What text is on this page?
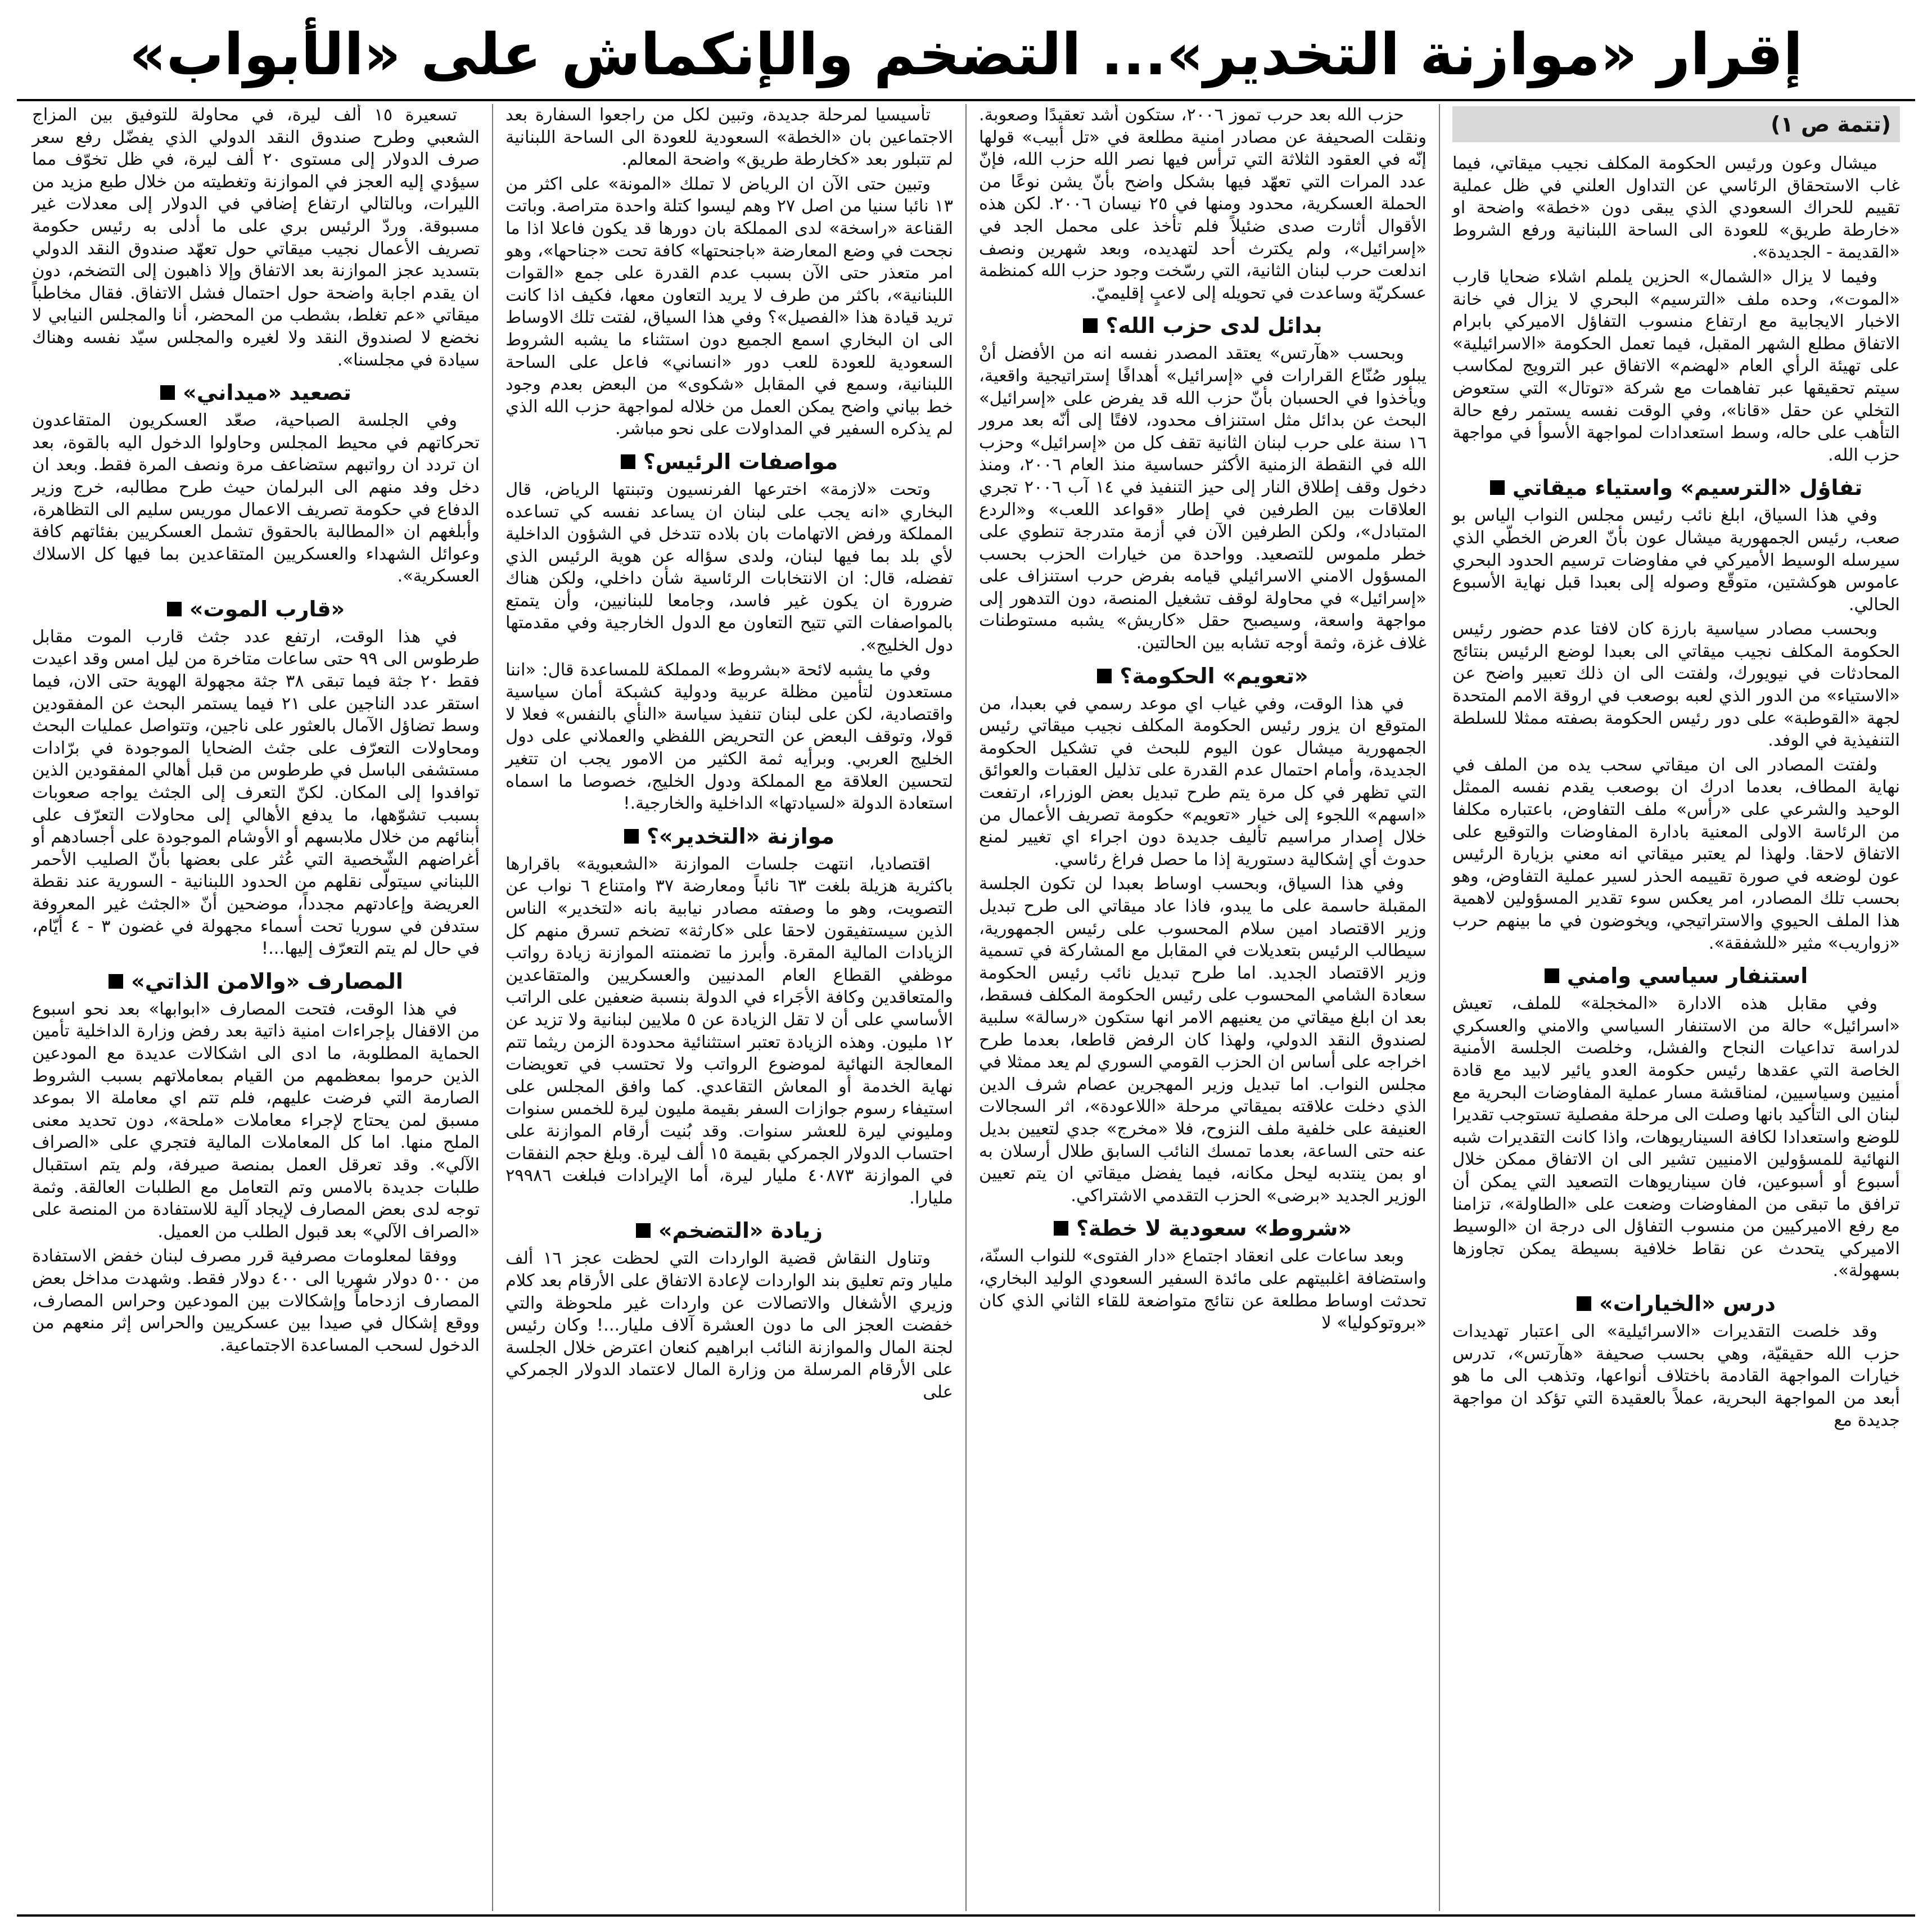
إقرار «موازنة التخدير»... التضخم والإنكماش على «الأبواب»
(تتمة ص ١)

ميشال وعون ورئيس الحكومة المكلف نجيب ميقاتي، فيما غاب الاستحقاق الرئاسي عن التداول العلني في ظل عملية تقييم للحراك السعودي الذي يبقى دون «خطة» واضحة او «خارطة طريق» للعودة الى الساحة اللبنانية ورفع الشروط «القديمة - الجديدة».

وفيما لا يزال «الشمال» الحزين يلملم اشلاء ضحايا قارب «الموت»، وحده ملف «الترسيم» البحري لا يزال في خانة الاخبار الايجابية مع ارتفاع منسوب التفاؤل الاميركي بابرام الاتفاق مطلع الشهر المقبل، فيما تعمل الحكومة «الاسرائيلية» على تهيئة الرأي العام «لهضم» الاتفاق عبر الترويج لمكاسب سيتم تحقيقها عبر تفاهمات مع شركة «توتال» التي ستعوض التخلي عن حقل «قانا»، وفي الوقت نفسه يستمر رفع حالة التأهب على حاله، وسط استعدادات لمواجهة الأسوأ في مواجهة حزب الله.

تفاؤل «الترسيم» واستياء ميقاتي

وفي هذا السياق، ابلغ نائب رئيس مجلس النواب الياس بو صعب، رئيس الجمهورية ميشال عون بأنّ العرض الخطّي الذي سيرسله الوسيط الأميركي في مفاوضات ترسيم الحدود البحري عاموس هوكشتين، متوقّع وصوله إلى بعبدا قبل نهاية الأسبوع الحالي.

وبحسب مصادر سياسية بارزة كان لافتا عدم حضور رئيس الحكومة المكلف نجيب ميقاتي الى بعبدا لوضع الرئيس بنتائج المحادثات في نيويورك، ولفتت الى ان ذلك تعبير واضح عن «الاستياء» من الدور الذي لعبه بوصعب في اروقة الامم المتحدة لجهة «القوطبة» على دور رئيس الحكومة بصفته ممثلا للسلطة التنفيذية في الوفد.

ولفتت المصادر الى ان ميقاتي سحب يده من الملف في نهاية المطاف، بعدما ادرك ان بوصعب يقدم نفسه الممثل الوحيد والشرعي على «رأس» ملف التفاوض، باعتباره مكلفا من الرئاسة الاولى المعنية بادارة المفاوضات والتوقيع على الاتفاق لاحقا. ولهذا لم يعتبر ميقاتي انه معني بزيارة الرئيس عون لوضعه في صورة تقييمه الحذر لسير عملية التفاوض، وهو بحسب تلك المصادر، امر يعكس سوء تقدير المسؤولين لاهمية هذا الملف الحيوي والاستراتيجي، ويخوضون في ما بينهم حرب «زواريب» مثير «للشفقة».

استنفار سياسي وامني

وفي مقابل هذه الادارة «المخجلة» للملف، تعيش «اسرائيل» حالة من الاستنفار السياسي والامني والعسكري لدراسة تداعيات النجاح والفشل، وخلصت الجلسة الأمنية الخاصة التي عقدها رئيس حكومة العدو يائير لابيد مع قادة أمنيين وسياسيين، لمناقشة مسار عملية المفاوضات البحرية مع لبنان الى التأكيد بانها وصلت الى مرحلة مفصلية تستوجب تقديرا للوضع واستعدادا لكافة السيناريوهات، واذا كانت التقديرات شبه النهائية للمسؤولين الامنيين تشير الى ان الاتفاق ممكن خلال أسبوع أو أسبوعين، فان سيناريوهات التصعيد التي يمكن أن ترافق ما تبقى من المفاوضات وضعت على «الطاولة»، تزامنا مع رفع الاميركيين من منسوب التفاؤل الى درجة ان «الوسيط الاميركي يتحدث عن نقاط خلافية بسيطة يمكن تجاوزها بسهولة».

درس «الخيارات»

وقد خلصت التقديرات «الاسرائيلية» الى اعتبار تهديدات حزب الله حقيقيّة، وهي بحسب صحيفة «هآرتس»، تدرس خيارات المواجهة القادمة باختلاف أنواعها، وتذهب الى ما هو أبعد من المواجهة البحرية، عملاً بالعقيدة التي تؤكد ان مواجهة جديدة مع

حزب الله بعد حرب تموز ٢٠٠٦، ستكون أشد تعقيدًا وصعوبة. ونقلت الصحيفة عن مصادر امنية مطلعة في «تل أبيب» قولها إنّه في العقود الثلاثة التي ترأس فيها نصر الله حزب الله، فإنّ عدد المرات التي تعهّد فيها بشكل واضح بأنّ يشن نوعًا من الحملة العسكرية، محدود ومنها في ٢٥ نيسان ٢٠٠٦. لكن هذه الأقوال أثارت صدى ضئيلاً فلم تأخذ على محمل الجد في «إسرائيل»، ولم يكترث أحد لتهديده، وبعد شهرين ونصف اندلعت حرب لبنان الثانية، التي رسّخت وجود حزب الله كمنظمة عسكريّة وساعدت في تحويله إلى لاعبٍ إقليميّ.

بدائل لدى حزب الله؟

وبحسب «هآرتس» يعتقد المصدر نفسه انه من الأفضل أنْ يبلور صُنّاع القرارات في «إسرائيل» أهدافًا إستراتيجية واقعية، ويأخذوا في الحسبان بأنّ حزب الله قد يفرض على «إسرائيل» البحث عن بدائل مثل استنزاف محدود، لافتًا إلى أنّه بعد مرور ١٦ سنة على حرب لبنان الثانية تقف كل من «إسرائيل» وحزب الله في النقطة الزمنية الأكثر حساسية منذ العام ٢٠٠٦، ومنذ دخول وقف إطلاق النار إلى حيز التنفيذ في ١٤ آب ٢٠٠٦ تجري العلاقات بين الطرفين في إطار «قواعد اللعب» و«الردع المتبادل»، ولكن الطرفين الآن في أزمة متدرجة تنطوي على خطر ملموس للتصعيد. وواحدة من خيارات الحزب بحسب المسؤول الامني الاسرائيلي قيامه بفرض حرب استنزاف على «إسرائيل» في محاولة لوقف تشغيل المنصة، دون التدهور إلى مواجهة واسعة، وسيصبح حقل «كاريش» يشبه مستوطنات غلاف غزة، وثمة أوجه تشابه بين الحالتين.

«تعويم» الحكومة؟

في هذا الوقت، وفي غياب اي موعد رسمي في بعبدا، من المتوقع ان يزور رئيس الحكومة المكلف نجيب ميقاتي رئيس الجمهورية ميشال عون اليوم للبحث في تشكيل الحكومة الجديدة، وأمام احتمال عدم القدرة على تذليل العقبات والعوائق التي تظهر في كل مرة يتم طرح تبديل بعض الوزراء، ارتفعت «اسهم» اللجوء إلى خيار «تعويم» حكومة تصريف الأعمال من خلال إصدار مراسيم تأليف جديدة دون اجراء اي تغيير لمنع حدوث أي إشكالية دستورية إذا ما حصل فراغ رئاسي.

وفي هذا السياق، وبحسب اوساط بعبدا لن تكون الجلسة المقبلة حاسمة على ما يبدو، فاذا عاد ميقاتي الى طرح تبديل وزير الاقتصاد امين سلام المحسوب على رئيس الجمهورية، سيطالب الرئيس بتعديلات في المقابل مع المشاركة في تسمية وزير الاقتصاد الجديد. اما طرح تبديل نائب رئيس الحكومة سعادة الشامي المحسوب على رئيس الحكومة المكلف فسقط، بعد ان ابلغ ميقاتي من يعنيهم الامر انها ستكون «رسالة» سلبية لصندوق النقد الدولي، ولهذا كان الرفض قاطعا، بعدما طرح اخراجه على أساس ان الحزب القومي السوري لم يعد ممثلا في مجلس النواب. اما تبديل وزير المهجرين عصام شرف الدين الذي دخلت علاقته بميقاتي مرحلة «اللاعودة»، اثر السجالات العنيفة على خلفية ملف النزوح، فلا «مخرج» جدي لتعيين بديل عنه حتى الساعة، بعدما تمسك النائب السابق طلال أرسلان به او بمن ينتدبه ليحل مكانه، فيما يفضل ميقاتي ان يتم تعيين الوزير الجديد «برضى» الحزب التقدمي الاشتراكي.

«شروط» سعودية لا خطة؟

وبعد ساعات على انعقاد اجتماع «دار الفتوى» للنواب السنّة، واستضافة اغلبيتهم على مائدة السفير السعودي الوليد البخاري، تحدثت اوساط مطلعة عن نتائج متواضعة للقاء الثاني الذي كان «بروتوكوليا» لا

تأسيسيا لمرحلة جديدة، وتبين لكل من راجعوا السفارة بعد الاجتماعين بان «الخطة» السعودية للعودة الى الساحة اللبنانية لم تتبلور بعد «كخارطة طريق» واضحة المعالم.

وتبين حتى الآن ان الرياض لا تملك «المونة» على اكثر من ١٣ نائبا سنيا من اصل ٢٧ وهم ليسوا كتلة واحدة متراصة. وباتت القناعة «راسخة» لدى المملكة بان دورها قد يكون فاعلا اذا ما نجحت في وضع المعارضة «باجنحتها» كافة تحت «جناحها»، وهو امر متعذر حتى الآن بسبب عدم القدرة على جمع «القوات اللبنانية»، باكثر من طرف لا يريد التعاون معها، فكيف اذا كانت تريد قيادة هذا «الفصيل»؟ وفي هذا السياق، لفتت تلك الاوساط الى ان البخاري اسمع الجميع دون استثناء ما يشبه الشروط السعودية للعودة للعب دور «انساني» فاعل على الساحة اللبنانية، وسمع في المقابل «شكوى» من البعض بعدم وجود خط بياني واضح يمكن العمل من خلاله لمواجهة حزب الله الذي لم يذكره السفير في المداولات على نحو مباشر.

مواصفات الرئيس؟

وتحت «لازمة» اخترعها الفرنسيون وتبنتها الرياض، قال البخاري «انه يجب على لبنان ان يساعد نفسه كي تساعده المملكة ورفض الاتهامات بان بلاده تتدخل في الشؤون الداخلية لأي بلد بما فيها لبنان، ولدى سؤاله عن هوية الرئيس الذي تفضله، قال: ان الانتخابات الرئاسية شأن داخلي، ولكن هناك ضرورة ان يكون غير فاسد، وجامعا للبنانيين، وأن يتمتع بالمواصفات التي تتيح التعاون مع الدول الخارجية وفي مقدمتها دول الخليج».

وفي ما يشبه لائحة «بشروط» المملكة للمساعدة قال: «اننا مستعدون لتأمين مظلة عربية ودولية كشبكة أمان سياسية واقتصادية، لكن على لبنان تنفيذ سياسة «النأي بالنفس» فعلا لا قولا، وتوقف البعض عن التحريض اللفظي والعملاني على دول الخليج العربي. وبرأيه ثمة الكثير من الامور يجب ان تتغير لتحسين العلاقة مع المملكة ودول الخليج، خصوصا ما اسماه استعادة الدولة «لسيادتها» الداخلية والخارجية.!

موازنة «التخدير»؟

اقتصاديا، انتهت جلسات الموازنة «الشعبوية» باقرارها باكثرية هزيلة بلغت ٦٣ نائباً ومعارضة ٣٧ وامتناع ٦ نواب عن التصويت، وهو ما وصفته مصادر نيابية بانه «لتخدير» الناس الذين سيستفيقون لاحقا على «كارثة» تضخم تسرق منهم كل الزيادات المالية المقرة. وأبرز ما تضمنته الموازنة زيادة رواتب موظفي القطاع العام المدنيين والعسكريين والمتقاعدين والمتعاقدين وكافة الأجَراء في الدولة بنسبة ضعفين على الراتب الأساسي على أن لا تقل الزيادة عن ٥ ملايين لبنانية ولا تزيد عن ١٢ مليون. وهذه الزيادة تعتبر استثنائية محدودة الزمن ريثما تتم المعالجة النهائية لموضوع الرواتب ولا تحتسب في تعويضات نهاية الخدمة أو المعاش التقاعدي. كما وافق المجلس على استيفاء رسوم جوازات السفر بقيمة مليون ليرة للخمس سنوات ومليوني ليرة للعشر سنوات. وقد بُنيت أرقام الموازنة على احتساب الدولار الجمركي بقيمة ١٥ ألف ليرة. وبلغ حجم النفقات في الموازنة ٤٠٨٧٣ مليار ليرة، أما الإيرادات فبلغت ٢٩٩٨٦ مليارا.

زيادة «التضخم»

وتناول النقاش قضية الواردات التي لحظت عجز ١٦ ألف مليار وتم تعليق بند الواردات لإعادة الاتفاق على الأرقام بعد كلام وزيري الأشغال والاتصالات عن واردات غير ملحوظة والتي خفضت العجز الى ما دون العشرة آلاف مليار...! وكان رئيس لجنة المال والموازنة النائب ابراهيم كنعان اعترض خلال الجلسة على الأرقام المرسلة من وزارة المال لاعتماد الدولار الجمركي على

تسعيرة ١٥ ألف ليرة، في محاولة للتوفيق بين المزاج الشعبي وطرح صندوق النقد الدولي الذي يفضّل رفع سعر صرف الدولار إلى مستوى ٢٠ ألف ليرة، في ظل تخوّف مما سيؤدي إليه العجز في الموازنة وتغطيته من خلال طبع مزيد من الليرات، وبالتالي ارتفاع إضافي في الدولار إلى معدلات غير مسبوقة. وردّ الرئيس بري على ما أدلى به رئيس حكومة تصريف الأعمال نجيب ميقاتي حول تعهّد صندوق النقد الدولي بتسديد عجز الموازنة بعد الاتفاق وإلا ذاهبون إلى التضخم، دون ان يقدم اجابة واضحة حول احتمال فشل الاتفاق. فقال مخاطباً ميقاتي «عم تغلط، بشطب من المحضر، أنا والمجلس النيابي لا نخضع لا لصندوق النقد ولا لغيره والمجلس سيّد نفسه وهناك سيادة في مجلسنا».

تصعيد «ميداني»

وفي الجلسة الصباحية، صعّد العسكريون المتقاعدون تحركاتهم في محيط المجلس وحاولوا الدخول اليه بالقوة، بعد ان تردد ان رواتبهم ستضاعف مرة ونصف المرة فقط. وبعد ان دخل وفد منهم الى البرلمان حيث طرح مطالبه، خرج وزير الدفاع في حكومة تصريف الاعمال موريس سليم الى التظاهرة، وأبلغهم ان «المطالبة بالحقوق تشمل العسكريين بفئاتهم كافة وعوائل الشهداء والعسكريين المتقاعدين بما فيها كل الاسلاك العسكرية».

«قارب الموت»

في هذا الوقت، ارتفع عدد جثث قارب الموت مقابل طرطوس الى ٩٩ حتى ساعات متاخرة من ليل امس وقد اعيدت فقط ٢٠ جثة فيما تبقى ٣٨ جثة مجهولة الهوية حتى الان، فيما استقر عدد الناجين على ٢١ فيما يستمر البحث عن المفقودين وسط تضاؤل الآمال بالعثور على ناجين، وتتواصل عمليات البحث ومحاولات التعرّف على جثث الضحايا الموجودة في برّادات مستشفى الباسل في طرطوس من قبل أهالي المفقودين الذين توافدوا إلى المكان. لكنّ التعرف إلى الجثث يواجه صعوبات بسبب تشوّهها، ما يدفع الأهالي إلى محاولات التعرّف على أبنائهم من خلال ملابسهم أو الأوشام الموجودة على أجسادهم أو أغراضهم الشّخصية التي عُثر على بعضها بأنّ الصليب الأحمر اللبناني سيتولّى نقلهم من الحدود اللبنانية - السورية عند نقطة العريضة وإعادتهم مجدداً، موضحين أنّ «الجثث غير المعروفة ستدفن في سوريا تحت أسماء مجهولة في غضون ٣ - ٤ أيّام، في حال لم يتم التعرّف إليها...!

المصارف «والامن الذاتي»

في هذا الوقت، فتحت المصارف «ابوابها» بعد نحو اسبوع من الاقفال بإجراءات امنية ذاتية بعد رفض وزارة الداخلية تأمين الحماية المطلوبة، ما ادى الى اشكالات عديدة مع المودعين الذين حرموا بمعظمهم من القيام بمعاملاتهم بسبب الشروط الصارمة التي فرضت عليهم، فلم تتم اي معاملة الا بموعد مسبق لمن يحتاج لإجراء معاملات «ملحة»، دون تحديد معنى الملح منها. اما كل المعاملات المالية فتجري على «الصراف الآلي». وقد تعرقل العمل بمنصة صيرفة، ولم يتم استقبال طلبات جديدة بالامس وتم التعامل مع الطلبات العالقة. وثمة توجه لدى بعض المصارف لإيجاد آلية للاستفادة من المنصة على «الصراف الآلي» بعد قبول الطلب من العميل.

ووفقا لمعلومات مصرفية قرر مصرف لبنان خفض الاستفادة من ٥٠٠ دولار شهريا الى ٤٠٠ دولار فقط. وشهدت مداخل بعض المصارف ازدحاماً وإشكالات بين المودعين وحراس المصارف، ووقع إشكال في صيدا بين عسكريين والحراس إثر منعهم من الدخول لسحب المساعدة الاجتماعية.
